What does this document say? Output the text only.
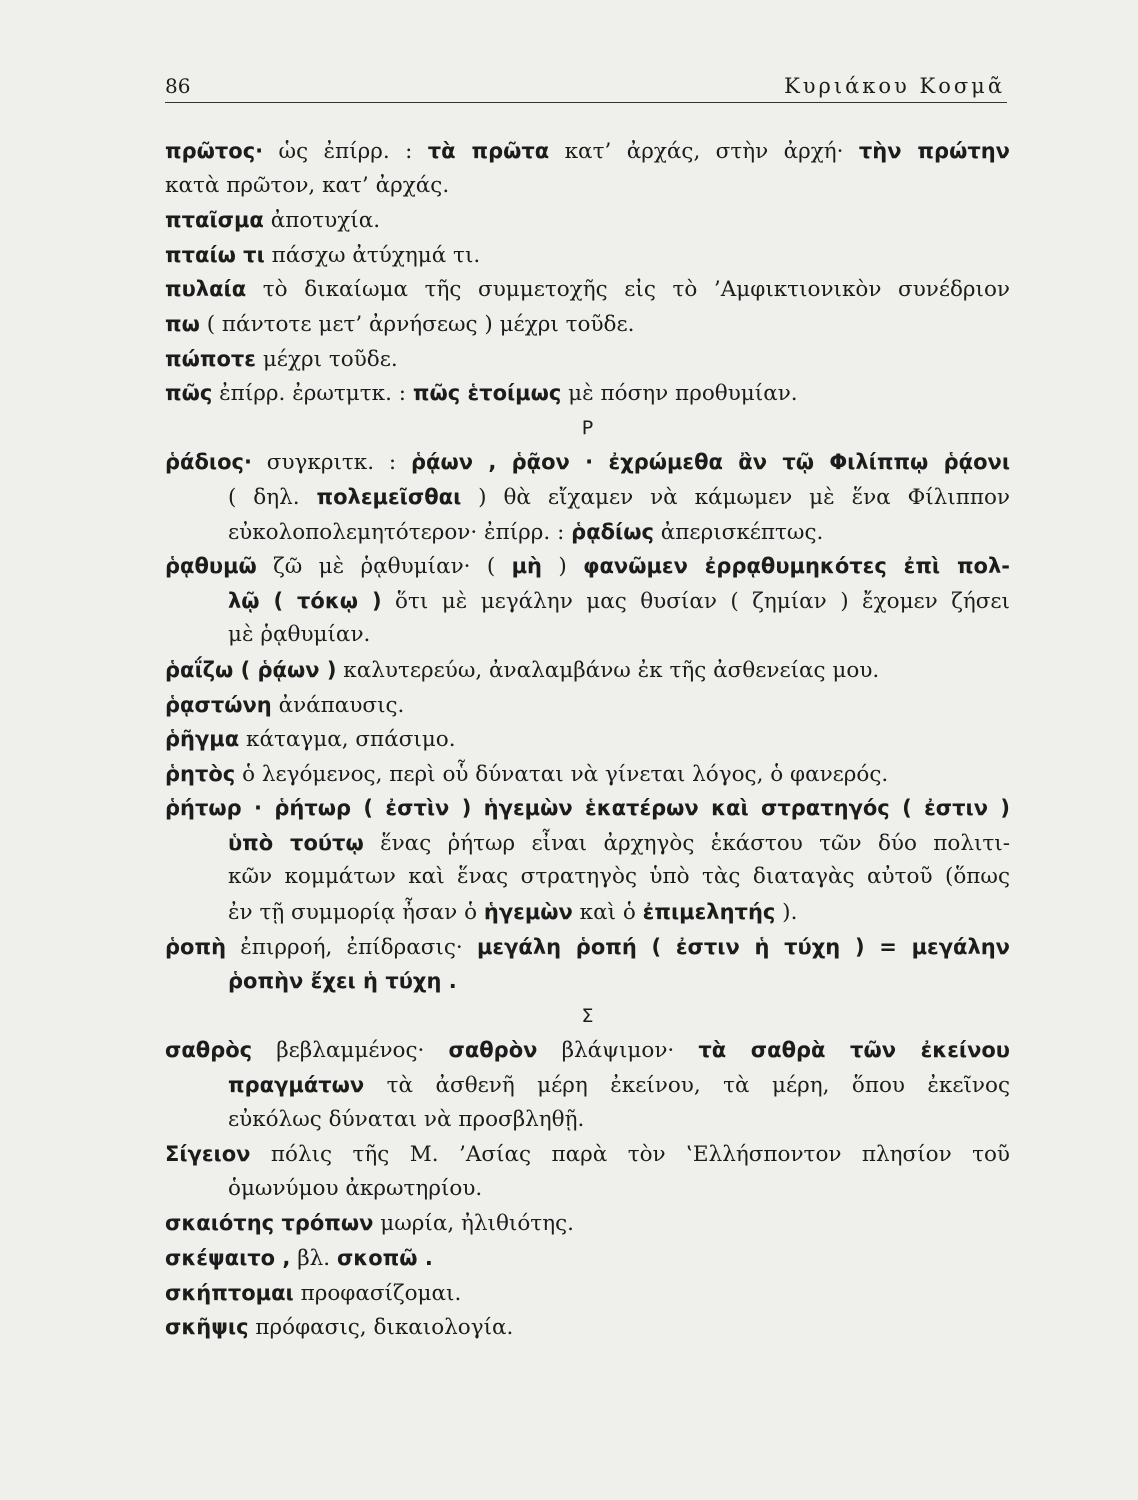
86	Κυριάκου Κοσμᾶ
πρῶτος· ὡς ἐπίρρ. : τὰ πρῶτα κατ’ ἀρχάς, στὴν ἀρχή· τὴν πρώτην
κατὰ πρῶτον, κατ’ ἀρχάς.
πταῖσμα ἀποτυχία.
πταίω τι πάσχω ἀτύχημά τι.
πυλαία τὸ δικαίωμα τῆς συμμετοχῆς εἰς τὸ ’Αμφικτιονικὸν συνέδριον
πω ( πάντοτε μετ’ ἀρνήσεως ) μέχρι τοῦδε.
πώποτε μέχρι τοῦδε.
πῶς ἐπίρρ. ἐρωτμτκ. : πῶς ἑτοίμως μὲ πόσην προθυμίαν.
Ρ
ῥάδιος· συγκριτκ. : ῥᾴων , ῥᾷον · ἐχρώμεθα ἂν τῷ Φιλίππῳ ῥᾴονι
( δηλ. πολεμεῖσθαι ) θὰ εἴχαμεν νὰ κάμωμεν μὲ ἕνα Φίλιππον
εὐκολοπολεμητότερον· ἐπίρρ. : ῥᾳδίως ἀπερισκέπτως.
ῥᾳθυμῶ ζῶ μὲ ῥᾳθυμίαν· ( μὴ ) φανῶμεν ἐρρᾳθυμηκότες ἐπὶ πολ-
λῷ ( τόκῳ ) ὅτι μὲ μεγάλην μας θυσίαν ( ζημίαν ) ἔχομεν ζήσει
μὲ ῥᾳθυμίαν.
ῥαΐζω ( ῥᾴων ) καλυτερεύω, ἀναλαμβάνω ἐκ τῆς ἀσθενείας μου.
ῥᾳστώνη ἀνάπαυσις.
ῥῆγμα κάταγμα, σπάσιμο.
ῥητὸς ὁ λεγόμενος, περὶ οὗ δύναται νὰ γίνεται λόγος, ὁ φανερός.
ῥήτωρ · ῥήτωρ ( ἐστὶν ) ἡγεμὼν ἑκατέρων καὶ στρατηγός ( ἐστιν )
ὑπὸ τούτῳ ἕνας ῥήτωρ εἶναι ἀρχηγὸς ἑκάστου τῶν δύο πολιτι-
κῶν κομμάτων καὶ ἕνας στρατηγὸς ὑπὸ τὰς διαταγὰς αὐτοῦ (ὅπως
ἐν τῇ συμμορίᾳ ἦσαν ὁ ἡγεμὼν καὶ ὁ ἐπιμελητής ).
ῥοπὴ ἐπιρροή, ἐπίδρασις· μεγάλη ῥοπή ( ἐστιν ἡ τύχη ) = μεγάλην
ῥοπὴν ἔχει ἡ τύχη .
Σ
σαθρὸς βεβλαμμένος· σαθρὸν βλάψιμον· τὰ σαθρὰ τῶν ἐκείνου
πραγμάτων τὰ ἀσθενῆ μέρη ἐκείνου, τὰ μέρη, ὅπου ἐκεῖνος
εὐκόλως δύναται νὰ προσβληθῇ.
Σίγειον πόλις τῆς Μ. ’Ασίας παρὰ τὸν ‛Ελλήσποντον πλησίον τοῦ
ὁμωνύμου ἀκρωτηρίου.
σκαιότης τρόπων μωρία, ἠλιθιότης.
σκέψαιτο , βλ. σκοπῶ .
σκήπτομαι προφασίζομαι.
σκῆψις πρόφασις, δικαιολογία.
